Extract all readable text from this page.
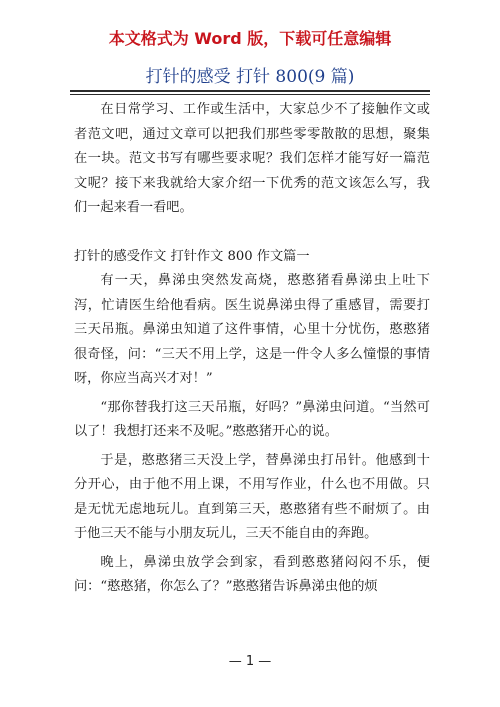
本文格式为 Word 版，下载可任意编辑
打针的感受 打针 800(9 篇)

在日常学习、工作或生活中，大家总少不了接触作文或者范文吧，通过文章可以把我们那些零零散散的思想，聚集在一块。范文书写有哪些要求呢？我们怎样才能写好一篇范文呢？接下来我就给大家介绍一下优秀的范文该怎么写，我们一起来看一看吧。

打针的感受作文 打针作文 800 作文篇一

有一天，鼻涕虫突然发高烧，憨憨猪看鼻涕虫上吐下泻，忙请医生给他看病。医生说鼻涕虫得了重感冒，需要打三天吊瓶。鼻涕虫知道了这件事情，心里十分忧伤，憨憨猪很奇怪，问：“三天不用上学，这是一件令人多么憧憬的事情呀，你应当高兴才对！”

“那你替我打这三天吊瓶，好吗？”鼻涕虫问道。“当然可以了！我想打还来不及呢。”憨憨猪开心的说。

于是，憨憨猪三天没上学，替鼻涕虫打吊针。他感到十分开心，由于他不用上课，不用写作业，什么也不用做。只是无忧无虑地玩儿。直到第三天，憨憨猪有些不耐烦了。由于他三天不能与小朋友玩儿，三天不能自由的奔跑。

晚上，鼻涕虫放学会到家，看到憨憨猪闷闷不乐，便问：“憨憨猪，你怎么了？”憨憨猪告诉鼻涕虫他的烦

— 1 —
